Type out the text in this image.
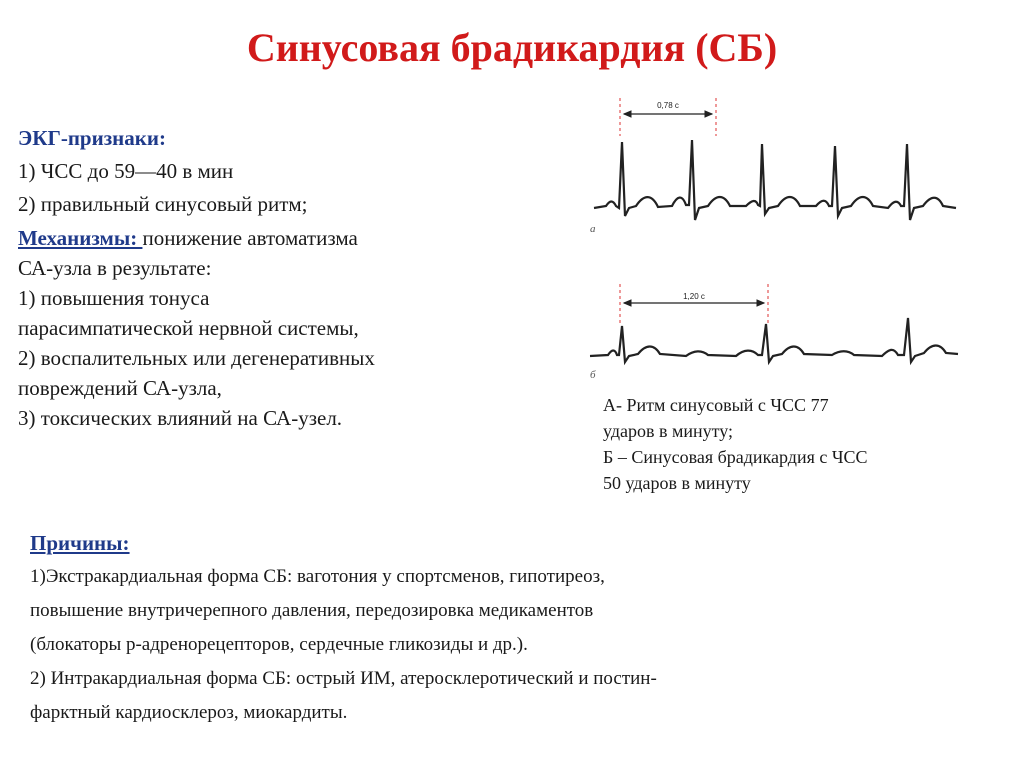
Синусовая брадикардия (СБ)
ЭКГ-признаки:
1) ЧСС до 59—40 в мин
2) правильный синусовый ритм;
Механизмы: понижение автоматизма
СА-узла в результате:
1) повышения тонуса
парасимпатической нервной системы,
2) воспалительных или дегенеративных
повреждений СА-узла,
3) токсических влияний на СА-узел.
0,78 с
а
1,20 с
б
А- Ритм синусовый с ЧСС 77
ударов в минуту;
Б – Синусовая брадикардия с ЧСС
50 ударов в минуту
Причины:
1)Экстракардиальная форма СБ: ваготония у спортсменов, гипотиреоз,
повышение внутричерепного давления, передозировка медикаментов
(блокаторы р-адренорецепторов, сердечные гликозиды и др.).
2) Интракардиальная форма СБ: острый ИМ, атеросклеротический и постин-
фарктный кардиосклероз, миокардиты.
